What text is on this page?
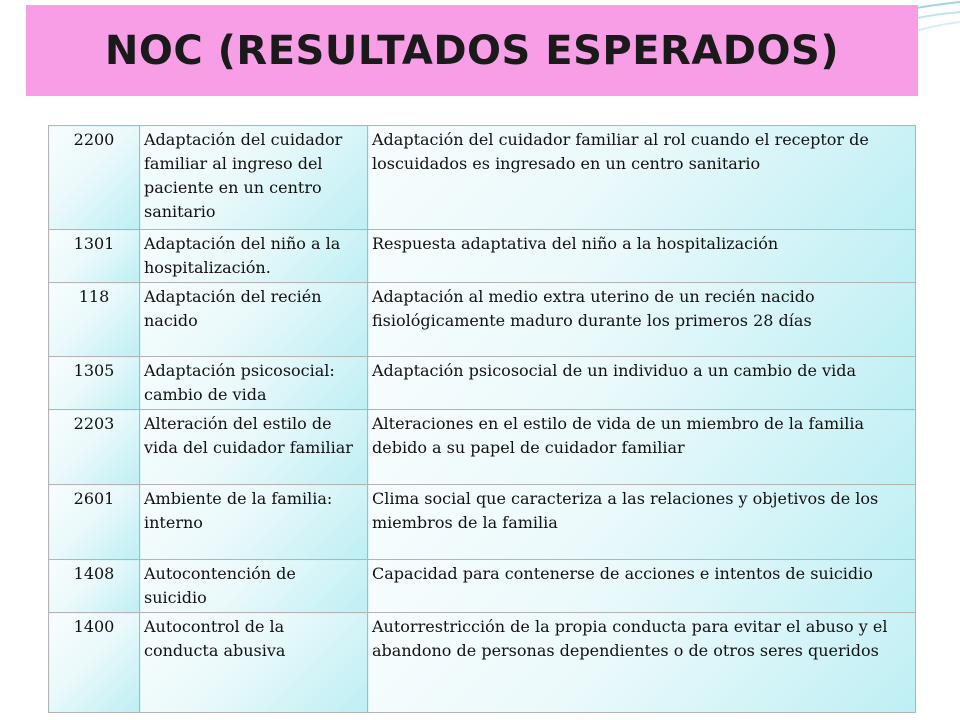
NOC (RESULTADOS ESPERADOS)
2200	Adaptación del cuidador familiar al ingreso del paciente en un centro sanitario	Adaptación del cuidador familiar al rol cuando el receptor de loscuidados es ingresado en un centro sanitario
1301	Adaptación del niño a la hospitalización.	Respuesta adaptativa del niño a la hospitalización
118	Adaptación del recién nacido	Adaptación al medio extra uterino de un recién nacido fisiológicamente maduro durante los primeros 28 días
1305	Adaptación psicosocial: cambio de vida	Adaptación psicosocial de un individuo a un cambio de vida
2203	Alteración del estilo de vida del cuidador familiar	Alteraciones en el estilo de vida de un miembro de la familia debido a su papel de cuidador familiar
2601	Ambiente de la familia: interno	Clima social que caracteriza a las relaciones y objetivos de los miembros de la familia
1408	Autocontención de suicidio	Capacidad para contenerse de acciones e intentos de suicidio
1400	Autocontrol de la conducta abusiva	Autorrestricción de la propia conducta para evitar el abuso y el abandono de personas dependientes o de otros seres queridos
